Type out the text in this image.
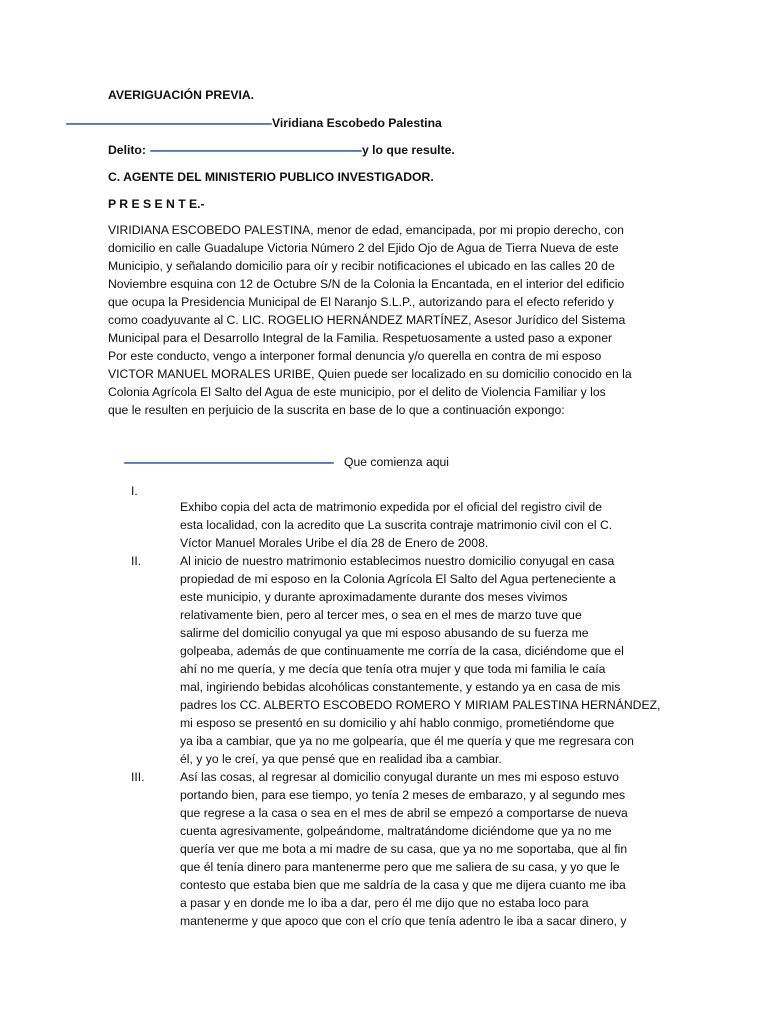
AVERIGUACIÓN PREVIA.
Viridiana Escobedo Palestina
Delito:	y lo que resulte.
C. AGENTE DEL MINISTERIO PUBLICO INVESTIGADOR.
P R E S E N T E.-
VIRIDIANA ESCOBEDO PALESTINA, menor de edad, emancipada, por mi propio derecho, con
domicilio en calle Guadalupe Victoria Número 2 del Ejido Ojo de Agua de Tierra Nueva de este
Municipio, y señalando domicilio para oír y recibir notificaciones el ubicado en las calles 20 de
Noviembre esquina con 12 de Octubre S/N de la Colonia la Encantada, en el interior del edificio
que ocupa la Presidencia Municipal de El Naranjo S.L.P., autorizando para el efecto referido y
como coadyuvante al C. LIC. ROGELIO HERNÁNDEZ MARTÍNEZ, Asesor Jurídico del Sistema
Municipal para el Desarrollo Integral de la Familia. Respetuosamente a usted paso a exponer
Por este conducto, vengo a interponer formal denuncia y/o querella en contra de mi esposo
VICTOR MANUEL MORALES URIBE, Quien puede ser localizado en su domicilio conocido en la
Colonia Agrícola El Salto del Agua de este municipio, por el delito de Violencia Familiar y los
que le resulten en perjuicio de la suscrita en base de lo que a continuación expongo:
Que comienza aqui
I.
Exhibo copia del acta de matrimonio expedida por el oficial del registro civil de
esta localidad, con la acredito que La suscrita contraje matrimonio civil con el C.
Víctor Manuel Morales Uribe el día 28 de Enero de 2008.
II.	Al inicio de nuestro matrimonio establecimos nuestro domicilio conyugal en casa
propiedad de mi esposo en la Colonia Agrícola El Salto del Agua perteneciente a
este municipio, y durante aproximadamente durante dos meses vivimos
relativamente bien, pero al tercer mes, o sea en el mes de marzo tuve que
salirme del domicilio conyugal ya que mi esposo abusando de su fuerza me
golpeaba, además de que continuamente me corría de la casa, diciéndome que el
ahí no me quería, y me decía que tenía otra mujer y que toda mi familia le caía
mal, ingiriendo bebidas alcohólicas constantemente, y estando ya en casa de mis
padres los CC. ALBERTO ESCOBEDO ROMERO Y MIRIAM PALESTINA HERNÁNDEZ,
mi esposo se presentó en su domicilio y ahí hablo conmigo, prometiéndome que
ya iba a cambiar, que ya no me golpearía, que él me quería y que me regresara con
él, y yo le creí, ya que pensé que en realidad iba a cambiar.
III.	Así las cosas, al regresar al domicilio conyugal durante un mes mi esposo estuvo
portando bien, para ese tiempo, yo tenía 2 meses de embarazo, y al segundo mes
que regrese a la casa o sea en el mes de abril se empezó a comportarse de nueva
cuenta agresivamente, golpeándome, maltratándome diciéndome que ya no me
quería ver que me bota a mi madre de su casa, que ya no me soportaba, que al fin
que él tenía dinero para mantenerme pero que me saliera de su casa, y yo que le
contesto que estaba bien que me saldría de la casa y que me dijera cuanto me iba
a pasar y en donde me lo iba a dar, pero él me dijo que no estaba loco para
mantenerme y que apoco que con el crío que tenía adentro le iba a sacar dinero, y
